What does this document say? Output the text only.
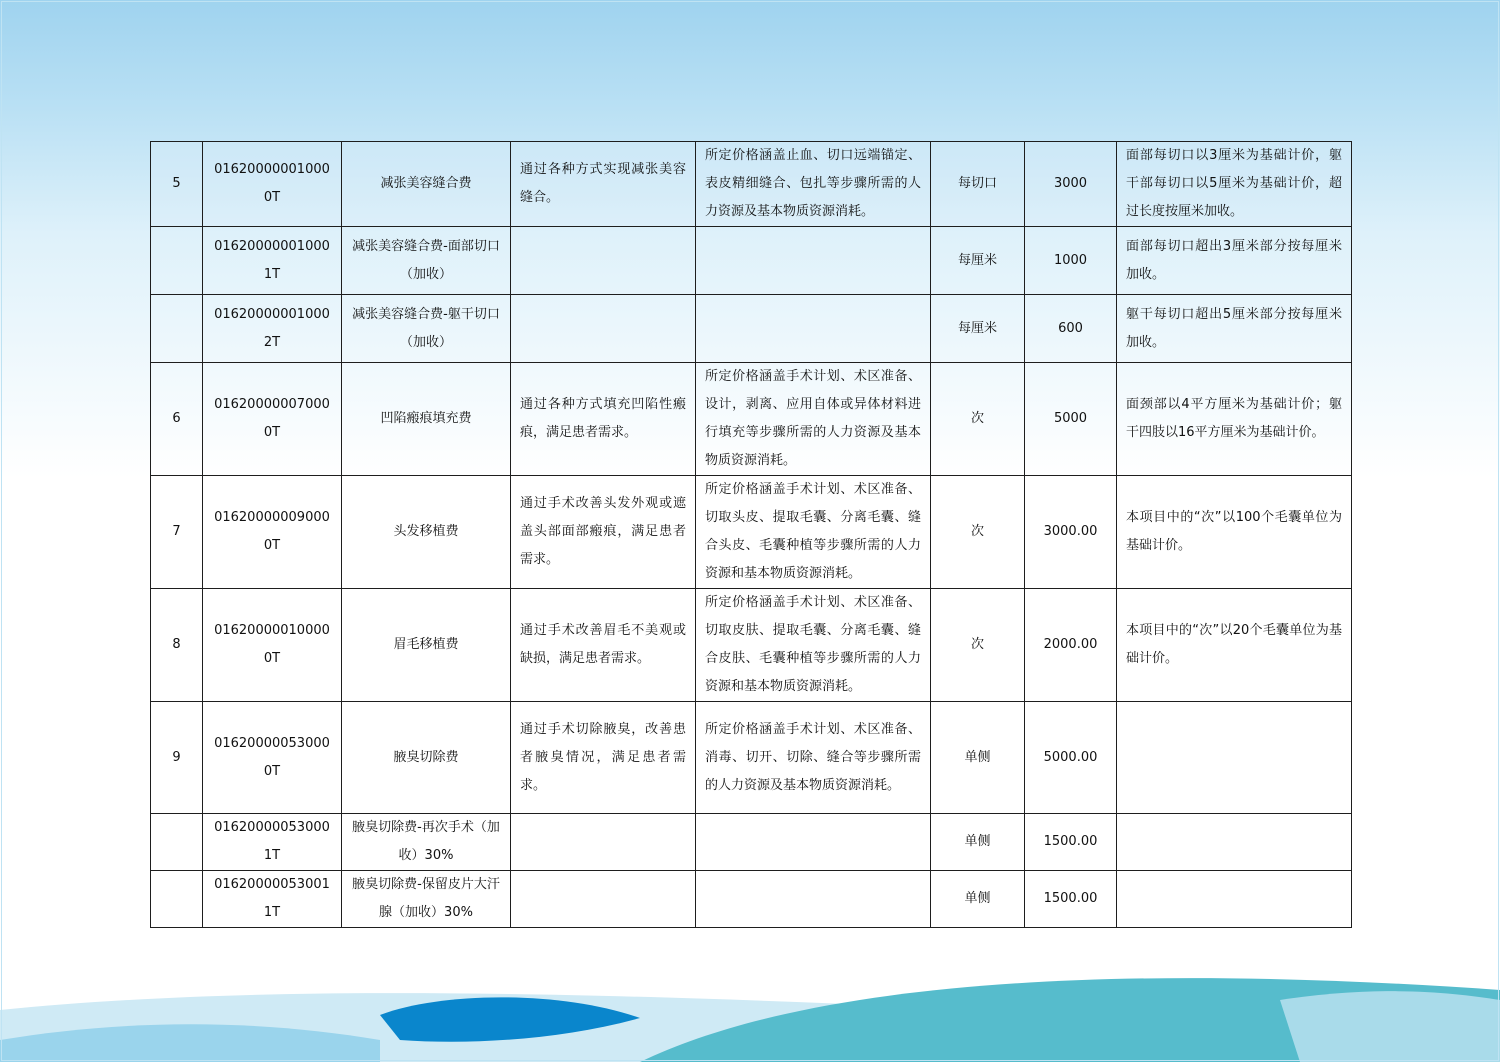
5	016200000010000T	减张美容缝合费	通过各种方式实现减张美容缝合。	所定价格涵盖止血、切口远端锚定、表皮精细缝合、包扎等步骤所需的人力资源及基本物质资源消耗。	每切口	3000	面部每切口以3厘米为基础计价，躯干部每切口以5厘米为基础计价，超过长度按厘米加收。
	016200000010001T	减张美容缝合费-面部切口（加收）			每厘米	1000	面部每切口超出3厘米部分按每厘米加收。
	016200000010002T	减张美容缝合费-躯干切口（加收）			每厘米	600	躯干每切口超出5厘米部分按每厘米加收。
6	016200000070000T	凹陷瘢痕填充费	通过各种方式填充凹陷性瘢痕，满足患者需求。	所定价格涵盖手术计划、术区准备、设计，剥离、应用自体或异体材料进行填充等步骤所需的人力资源及基本物质资源消耗。	次	5000	面颈部以4平方厘米为基础计价；躯干四肢以16平方厘米为基础计价。
7	016200000090000T	头发移植费	通过手术改善头发外观或遮盖头部面部瘢痕，满足患者需求。	所定价格涵盖手术计划、术区准备、切取头皮、提取毛囊、分离毛囊、缝合头皮、毛囊种植等步骤所需的人力资源和基本物质资源消耗。	次	3000.00	本项目中的“次”以100个毛囊单位为基础计价。
8	016200000100000T	眉毛移植费	通过手术改善眉毛不美观或缺损，满足患者需求。	所定价格涵盖手术计划、术区准备、切取皮肤、提取毛囊、分离毛囊、缝合皮肤、毛囊种植等步骤所需的人力资源和基本物质资源消耗。	次	2000.00	本项目中的“次”以20个毛囊单位为基础计价。
9	016200000530000T	腋臭切除费	通过手术切除腋臭，改善患者腋臭情况，满足患者需求。	所定价格涵盖手术计划、术区准备、消毒、切开、切除、缝合等步骤所需的人力资源及基本物质资源消耗。	单侧	5000.00	
	016200000530001T	腋臭切除费-再次手术（加收）30%			单侧	1500.00	
	016200000530011T	腋臭切除费-保留皮片大汗腺（加收）30%			单侧	1500.00	
